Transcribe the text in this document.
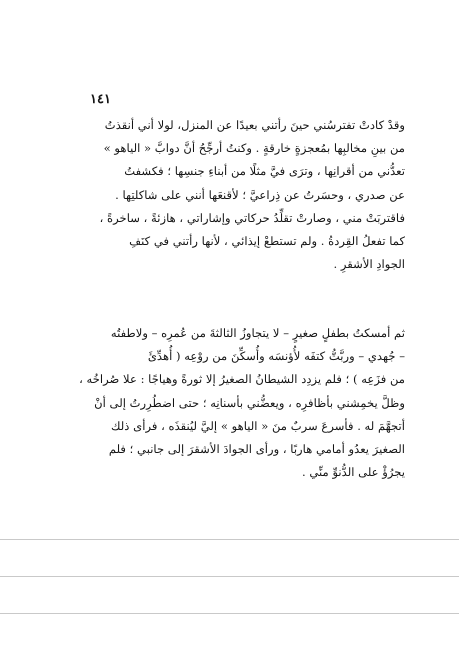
١٤١
وقدْ كادتْ تفترسُني حينَ رأتني بعيدًا عن المنزل، لولا أني أنقذتُ
من بينِ مخالبِها بمُعجزةٍ خارقةٍ . وكنتُ أرجِّحُ أنَّ دوابَّ « الياهو »
تعدُّني من أقرانِها ، وترَى فيَّ مثلًا من أبناءِ جنسِها ؛ فكشفتُ
عن صدري ، وحسَرتُ عن ذِراعيَّ ؛ لأقنعَها أنني على شاكلتِها .
فاقتربَتْ مني ، وصارتْ تقلِّدُ حركاتي وإشاراتي ، هازئةً ، ساخرةً ،
كما تفعلُ القِردةُ . ولم تستطعْ إيذائي ، لأنها رأتني في كنَفِ
الجوادِ الأشقرِ .
ثم أمسكتُ بطفلٍ صغيرٍ – لا يتجاوزُ الثالثةَ من عُمرِه – ولاطفتُه
– جُهدي – وربَّتُّ كتفَه لأُؤنسَه وأُسكِّنَ من روْعِه ( أُهدِّئَ
من فزَعِه ) ؛ فلم يزدِد الشيطانُ الصغيرُ إلا ثورةً وهياجًا : علا صُراخُه ،
وظلَّ يخمِشني بأظافرِه ، ويعضُّني بأسنانِه ؛ حتى اضطُرِرتُ إلى أنْ
أتجهَّمَ له . فأسرعَ سربٌ منَ « الياهو » إليَّ ليُنقذَه ، فرأى ذلك
الصغيرَ يعدُو أمامي هاربًا ، ورأى الجوادَ الأشقرَ إلى جانبي ؛ فلم
يجرُؤْ على الدُّنوِّ منِّي .
